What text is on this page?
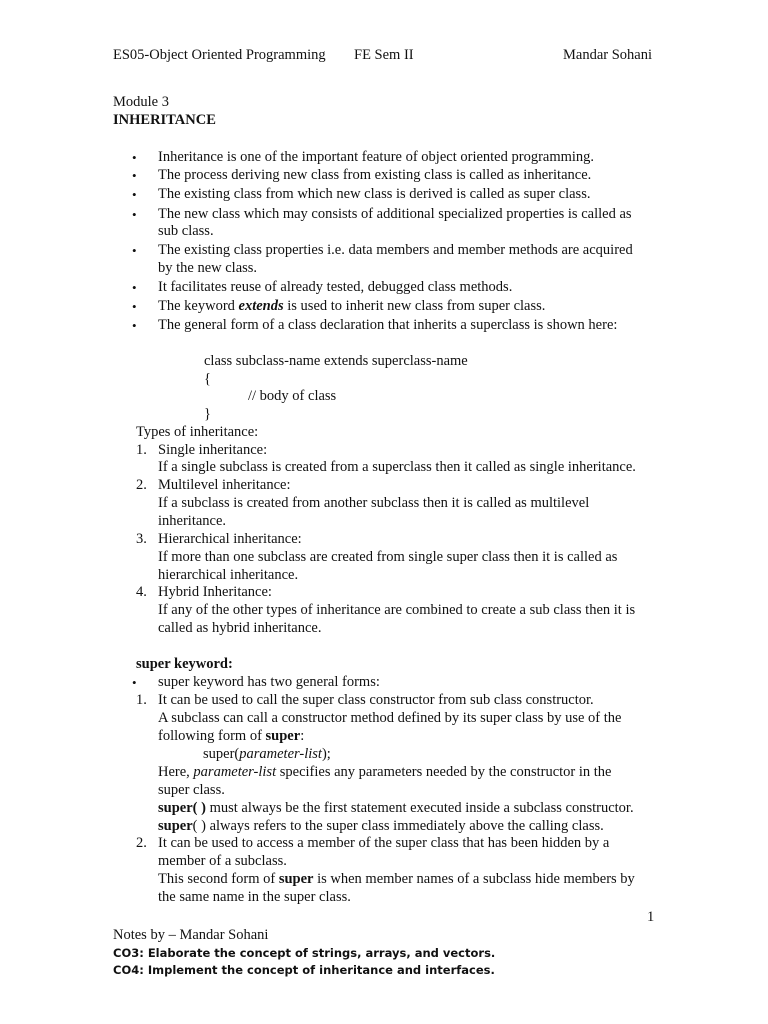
ES05-Object Oriented Programming FE Sem II	Mandar Sohani
Module 3
INHERITANCE
• Inheritance is one of the important feature of object oriented programming.
• The process deriving new class from existing class is called as inheritance.
• The existing class from which new class is derived is called as super class.
• The new class which may consists of additional specialized properties is called as
sub class.
• The existing class properties i.e. data members and member methods are acquired
by the new class.
• It facilitates reuse of already tested, debugged class methods.
• The keyword extends is used to inherit new class from super class.
• The general form of a class declaration that inherits a superclass is shown here:
class subclass-name extends superclass-name
{
// body of class
}
Types of inheritance:
1. Single inheritance:
If a single subclass is created from a superclass then it called as single inheritance.
2. Multilevel inheritance:
If a subclass is created from another subclass then it is called as multilevel
inheritance.
3. Hierarchical inheritance:
If more than one subclass are created from single super class then it is called as
hierarchical inheritance.
4. Hybrid Inheritance:
If any of the other types of inheritance are combined to create a sub class then it is
called as hybrid inheritance.
super keyword:
• super keyword has two general forms:
1. It can be used to call the super class constructor from sub class constructor.
A subclass can call a constructor method defined by its super class by use of the
following form of super:
super(parameter-list);
Here, parameter-list specifies any parameters needed by the constructor in the
super class.
super( ) must always be the first statement executed inside a subclass constructor.
super( ) always refers to the super class immediately above the calling class.
2. It can be used to access a member of the super class that has been hidden by a
member of a subclass.
This second form of super is when member names of a subclass hide members by
the same name in the super class.
1
Notes by – Mandar Sohani
CO3: Elaborate the concept of strings, arrays, and vectors.
CO4: Implement the concept of inheritance and interfaces.
